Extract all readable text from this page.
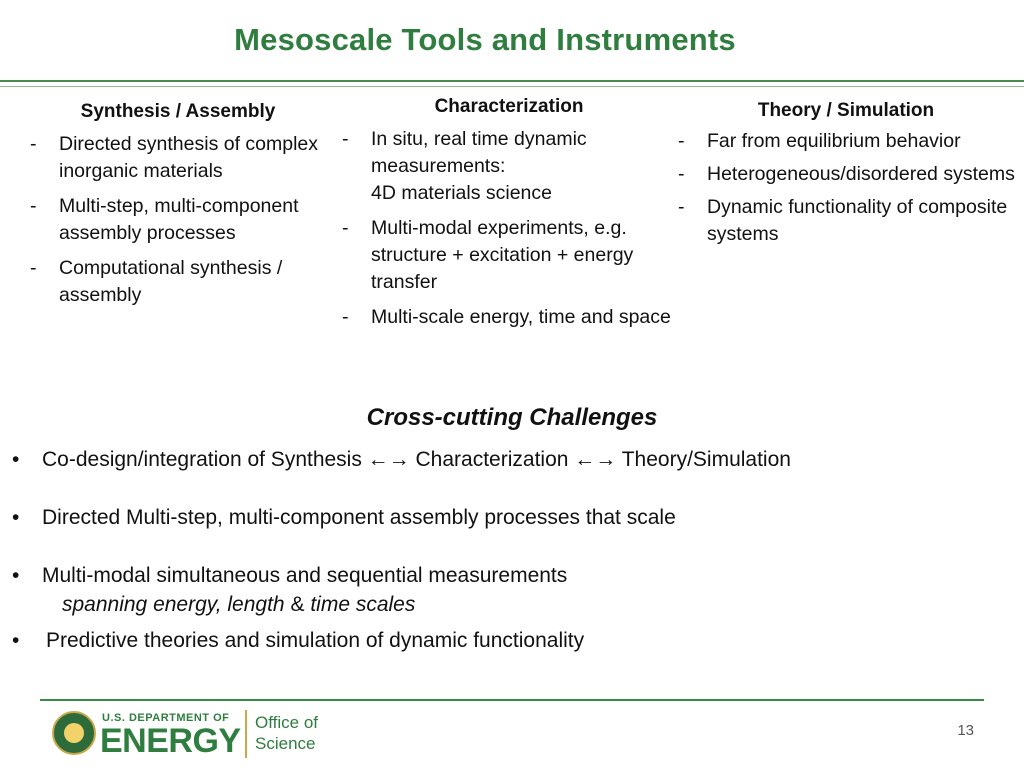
Mesoscale Tools and Instruments
Synthesis / Assembly
- Directed synthesis of complex inorganic materials
- Multi-step, multi-component assembly processes
- Computational synthesis / assembly
Characterization
- In situ, real time dynamic measurements:
4D materials science
- Multi-modal experiments, e.g. structure + excitation + energy transfer
- Multi-scale energy, time and space
Theory / Simulation
- Far from equilibrium behavior
- Heterogeneous/disordered systems
- Dynamic functionality of composite systems
Cross-cutting Challenges
• Co-design/integration of Synthesis ←→ Characterization ←→ Theory/Simulation
• Directed Multi-step, multi-component assembly processes that scale
• Multi-modal simultaneous and sequential measurements
spanning energy, length & time scales
• Predictive theories and simulation of dynamic functionality
U.S. DEPARTMENT OF
ENERGY Office of
Science
13
